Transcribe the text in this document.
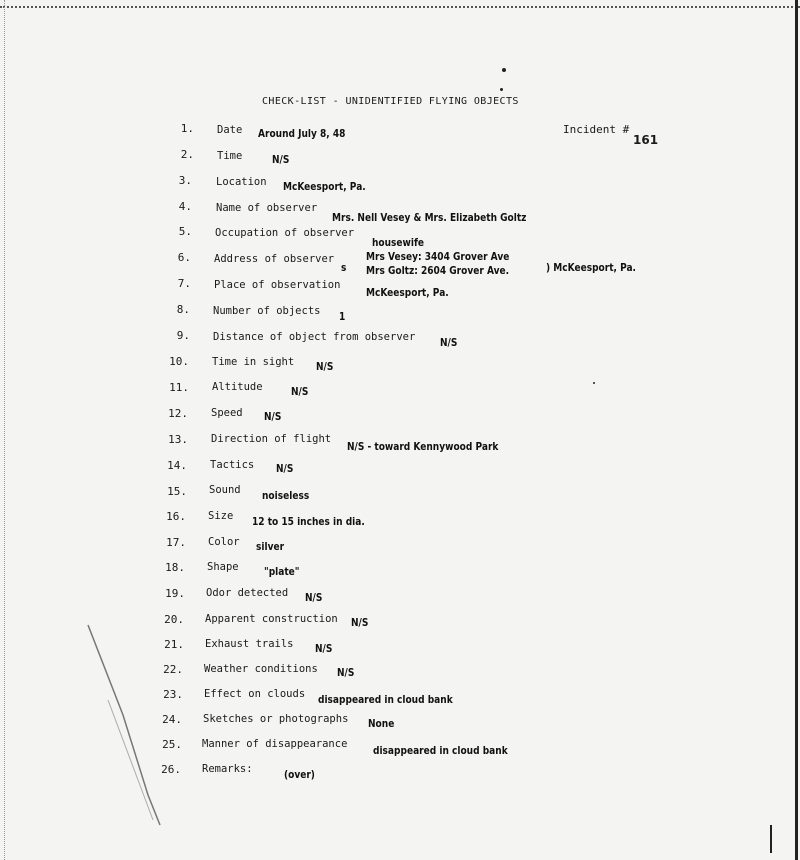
CHECK-LIST - UNIDENTIFIED FLYING OBJECTS
Incident #
161
1. Date Around July 8, 48
2. Time	N/S
3. Location McKeesport, Pa.
4. Name of observer
Mrs. Nell Vesey & Mrs. Elizabeth Goltz
5. Occupation of observer
housewife
6. Address of observer
s
Mrs Vesey: 3404 Grover Ave
Mrs Goltz: 2604 Grover Ave.	) McKeesport, Pa.
7. Place of observation
McKeesport, Pa.
8. Number of objects 1
9. Distance of object from observer N/S
10. Time in sight N/S
11. Altitude	N/S
12. Speed N/S
13. Direction of flight
N/S - toward Kennywood Park
14. Tactics N/S
15. Sound noiseless
16. Size 12 to 15 inches in dia.
17. Color silver
18. Shape "plate"
19. Odor detected N/S
20. Apparent construction N/S
21. Exhaust trails N/S
22. Weather conditions N/S
23. Effect on clouds disappeared in cloud bank
24. Sketches or photographs None
25. Manner of disappearance
disappeared in cloud bank
26. Remarks:	(over)
